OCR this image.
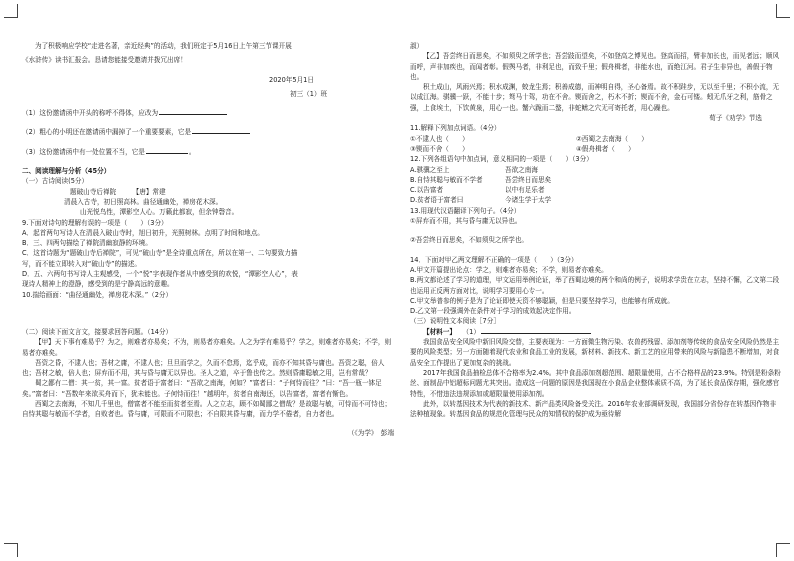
为了积极响应学校“走进名著，亲近经典”的活动，我们班定于5月16日上午第三节课开展

《水浒传》读书汇报会。恳请您能接受邀请并拨冗出席！

2020年5月1日

初三（1）班

（1）这份邀请函中开头的称呼不得体，应改为

（2）粗心的小明还在邀请函中漏掉了一个重要要素，它是

（3）这份邀请函中有一处位置不当，它是	。

二、阅读理解与分析（45分）

（一）古诗阅读(5分）

题破山寺后禅院　　　	【唐】常建

清晨入古寺，初日照高林。曲径通幽处，禅房花木深。

山光悦鸟性，潭影空人心。万籁此都寂，但余钟磬音。

9.下面对诗句的理解有误的一项是（　　）（3分）

A．起首两句写诗人在清晨入破山寺时，旭日初升，光照树林。点明了时间和地点。

B．三、四两句描绘了禅院清幽寂静的环境。

C．这首诗题为“题破山寺后禅院”，可见“破山寺”是全诗重点所在，所以在第一、二句要致力描

写，而不能立即转入对“破山寺”的描述。

D．五、六两句书写诗人主观感受，一个“悦”字表现作者从中感受到的欢悦，“潭影空人心”，表

现诗人精神上的澄静，感受到的是宁静高远的意趣。

10.揣给画面：“曲径通幽处，禅房花木深。”（2分）

（二）阅读下面文言文，接要求回答问题。（14分）

【甲】天下事有难易乎？为之，则难者亦易矣；不为，则易者亦难矣。人之为学有难易乎？学之，则难者亦易矣；不学，则易者亦难矣。
吾资之昏，不逮人也；吾材之庸，不逮人也；旦旦而学之，久而不怠焉，迄乎成，而亦不知其昏与庸也。吾资之聪，倍人也；吾材之敏，倍人也；屏弃而不用，其与昏与庸无以异也。圣人之道，卒于鲁也传之。然则昏庸聪敏之用，岂有常哉？
蜀之鄙有二僧：其一贫，其一富。贫者语于富者曰：“吾欲之南海，何如？”富者曰：“子何恃而往？”曰：“吾一瓶一钵足矣。”富者曰：“吾数年来欲买舟而下，犹未能也。子何恃而往！”越明年，贫者自南海还，以告富者，富者有惭色。
西蜀之去南海，不知几千里也，僧富者不能至而贫者至焉。人之立志，顾不如蜀鄙之僧哉？是故聪与敏，可恃而不可恃也；自恃其聪与敏而不学者，自败者也。昏与庸，可限而不可限也；不自限其昏与庸，而力学不倦者，自力者也。

（《为学》　彭端

淑）

【乙】吾尝终日而思矣，不如须臾之所学也；吾尝跂而望矣，不如登高之博见也。登高而招，臂非加长也，而见者远；顺风而呼，声非加疾也，而闻者彰。假舆马者，非利足也，而致千里；假舟楫者，非能水也，而绝江河。君子生非异也，善假于物也。
积土成山，风雨兴焉；积水成渊，蛟龙生焉；积善成德，而神明自得，圣心备焉。故不积跬步，无以至千里；不积小流，无以成江海。骐骥一跃，不能十步；驽马十驾，功在不舍。锲而舍之，朽木不折；锲而不舍，金石可镂。蚓无爪牙之利，筋骨之强，上食埃土，下饮黄泉，用心一也。蟹六跪而二螯，非蛇鳝之穴无可寄托者，用心躁也。

荀子《劝学》节选

11.解释下列加点词语。（4分）

①不逮人也（　　）	②西蜀之去南海（　　）
③锲而不舍（　　）	④假舟楫者（　　）

12.下列各组语句中加点词，意义相同的一项是（　　）（3分）

A.骐骥之至上	吾欲之南海
B.自恃其聪与敏而不学者	吾尝终日而思矣
C.以告富者	以中有足乐者
D.贫者语于富者曰	今诸生学于太学

13.用现代汉语翻译下列句子。（4分）

①屏弃而不用，其与昏与庸无以异也。

②吾尝终日而思矣，不如须臾之所学也。

14．下面对甲乙两文理解不正确的一项是（　　）（3分）

A.甲文开篇提出论点：学之，则难者亦易矣；不学，则易者亦难矣。
B.两文都论述了学习的道理，甲文运用举例论证，举了西蜀边境的两个和尚的例子，说明求学贵在立志，坚持不懈，乙文第二段也运用正反两方面对比，说明学习要用心专一。
C.甲文举普参的例子是为了论证即使天资不够聪颖，但是只要坚持学习，也能够有所成就。
D.乙文第一段强调外在条件对于学习的成效起决定作用。

（三）说明性文本阅读［7分］

【材料一】　　 （1）

我国食品安全风险中新旧风险交替，主要表现为：一方面微生物污染、农兽药残留、添加剂等传统的食品安全风险仍然是主要的风险类型；另一方面随着现代农业和食品工业的发展，新材料、新技术、新工艺的应用带来的风险与新隐患不断增加，对食品安全工作提出了更加复杂的挑战。
2017年我国食品抽检总体不合格率为2.4%。其中食品添加剂超范围、超限量使用，占不合格样品的23.9%。特别是粉条粉丝、面制品中铝超标问题尤其突出。造成这一问题的原因是我国现在小食品企业整体素质不高，为了延长食品保存期，强化感官特性，不惜违法违规添加或超限量使用添加剂。
此外，以转基因技术为代表的新技术、新产品类风险备受关注。2016年农业部调研发现，我国部分省份存在转基因作物非法种植现象。转基因食品的规范化管理与民众的知情权的保护成为亟待解
